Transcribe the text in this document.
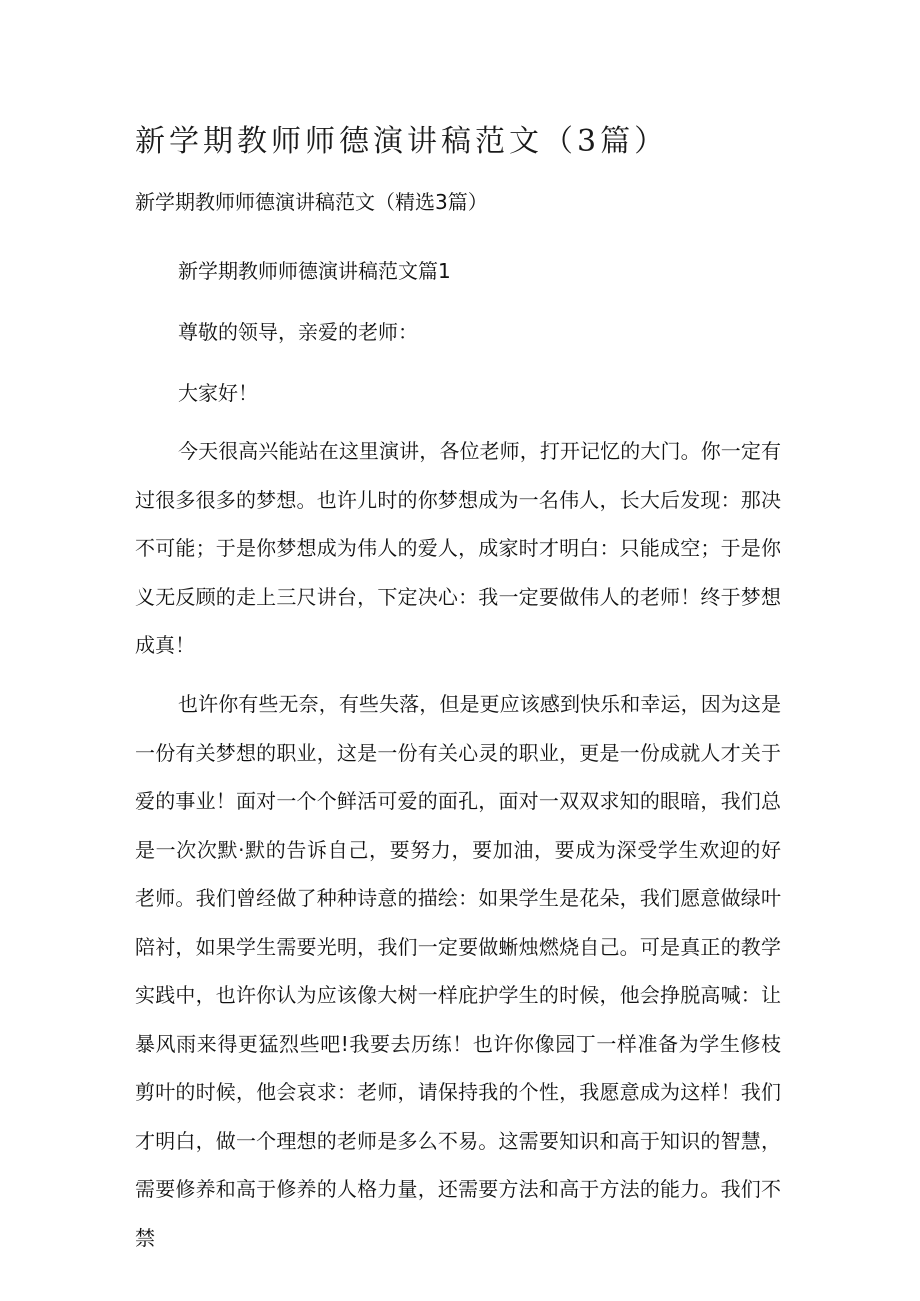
新学期教师师德演讲稿范文（3篇）
新学期教师师德演讲稿范文（精选3篇）
新学期教师师德演讲稿范文篇1
尊敬的领导，亲爱的老师：
大家好！

今天很高兴能站在这里演讲，各位老师，打开记忆的大门。你一定有过很多很多的梦想。也许儿时的你梦想成为一名伟人，长大后发现：那决不可能；于是你梦想成为伟人的爱人，成家时才明白：只能成空；于是你义无反顾的走上三尺讲台，下定决心：我一定要做伟人的老师！终于梦想成真！

也许你有些无奈，有些失落，但是更应该感到快乐和幸运，因为这是一份有关梦想的职业，这是一份有关心灵的职业，更是一份成就人才关于爱的事业！面对一个个鲜活可爱的面孔，面对一双双求知的眼暗，我们总是一次次默·默的告诉自己，要努力，要加油，要成为深受学生欢迎的好老师。我们曾经做了种种诗意的描绘：如果学生是花朵，我们愿意做绿叶陪衬，如果学生需要光明，我们一定要做蜥烛燃烧自己。可是真正的教学实践中，也许你认为应该像大树一样庇护学生的时候，他会挣脱高喊：让暴风雨来得更猛烈些吧!我要去历练！也许你像园丁一样准备为学生修枝剪叶的时候，他会哀求：老师，请保持我的个性，我愿意成为这样！我们才明白，做一个理想的老师是多么不易。这需要知识和高于知识的智慧，需要修养和高于修养的人格力量，还需要方法和高于方法的能力。我们不禁
